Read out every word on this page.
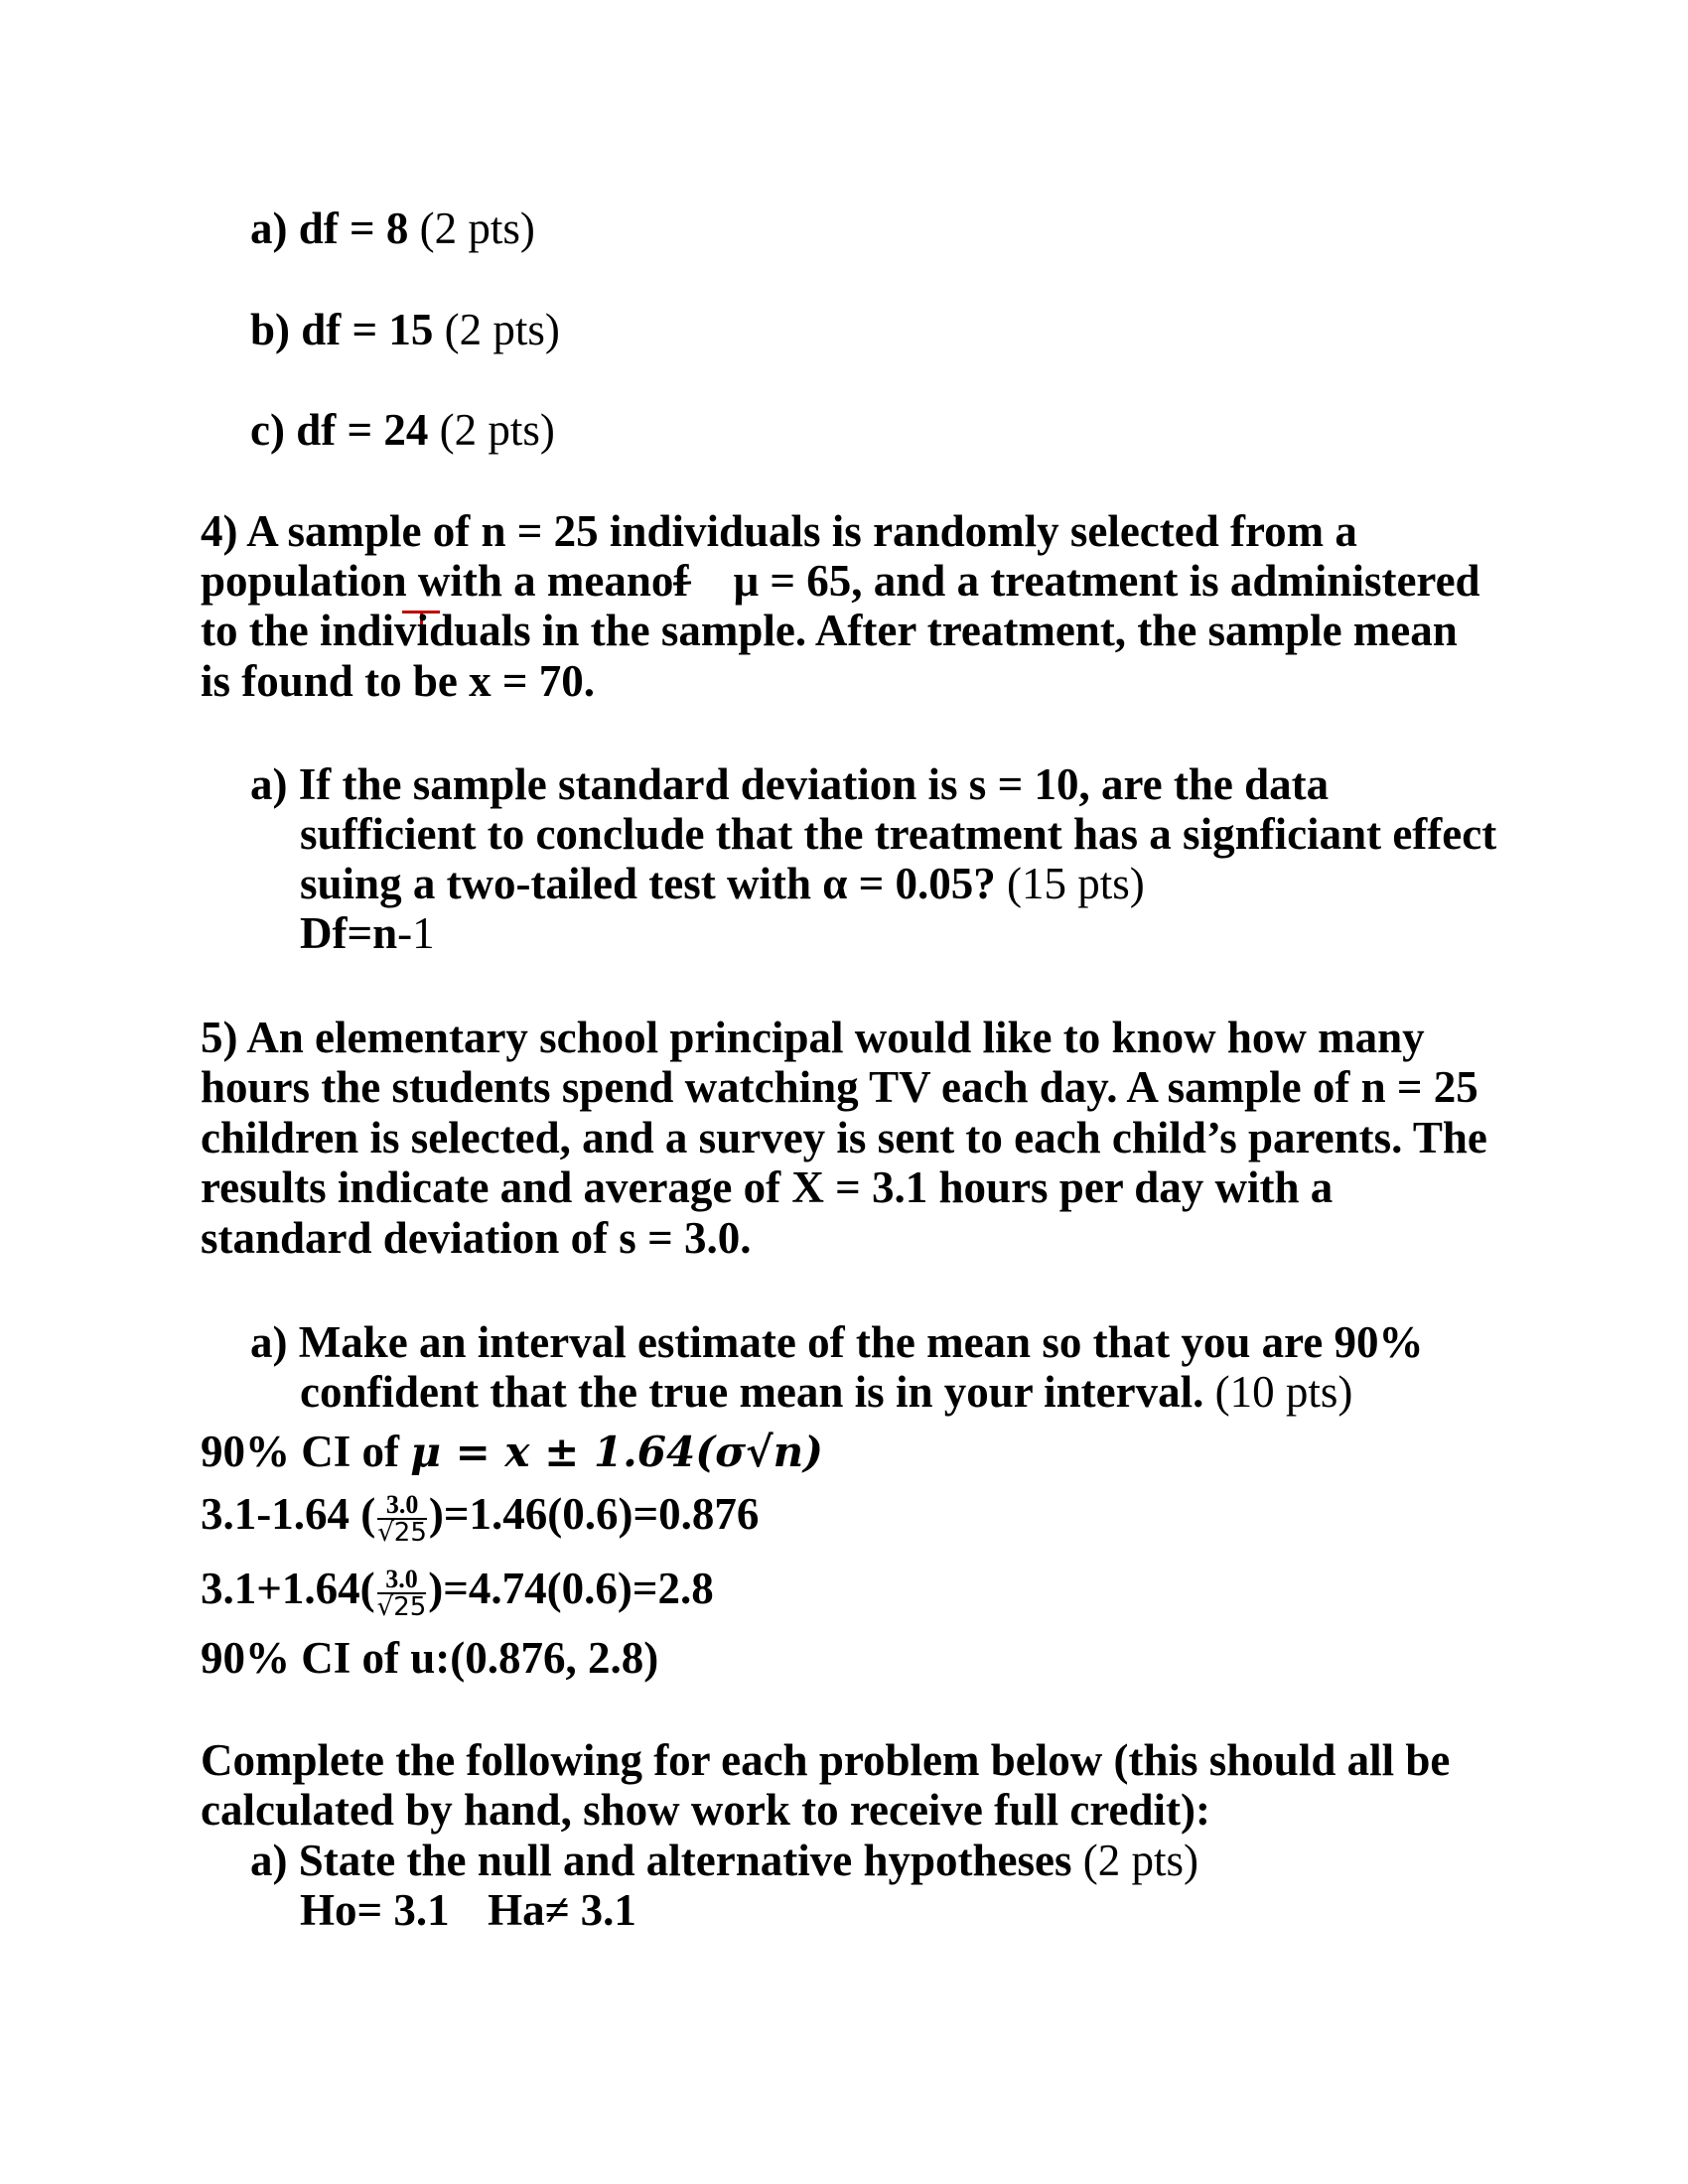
a) df = 8 (2 pts)

b) df = 15 (2 pts)

c) df = 24 (2 pts)

4) A sample of n = 25 individuals is randomly selected from a

population with a meanof μ = 65, and a treatment is administered

to the individuals in the sample. After treatment, the sample mean

is found to be x = 70.

a) If the sample standard deviation is s = 10, are the data

sufficient to conclude that the treatment has a signficiant effect

suing a two-tailed test with α = 0.05? (15 pts)

Df=n-1

5) An elementary school principal would like to know how many

hours the students spend watching TV each day. A sample of n = 25

children is selected, and a survey is sent to each child’s parents. The

results indicate and average of X = 3.1 hours per day with a

standard deviation of s = 3.0.

a) Make an interval estimate of the mean so that you are 90%

confident that the true mean is in your interval. (10 pts)

90% CI of μ = x ± 1.64(σ√n)

3.1-1.64 ( $\frac{3.0}{√25} )=1.46(0.6)=0.876$

$3.1+1.64( \frac{3.0}{√25} )=4.74(0.6)=2.8$

90% CI of u:(0.876, 2.8)

Complete the following for each problem below (this should all be

calculated by hand, show work to receive full credit):

a) State the null and alternative hypotheses (2 pts)

Ho= 3.1 Ha≠ 3.1
